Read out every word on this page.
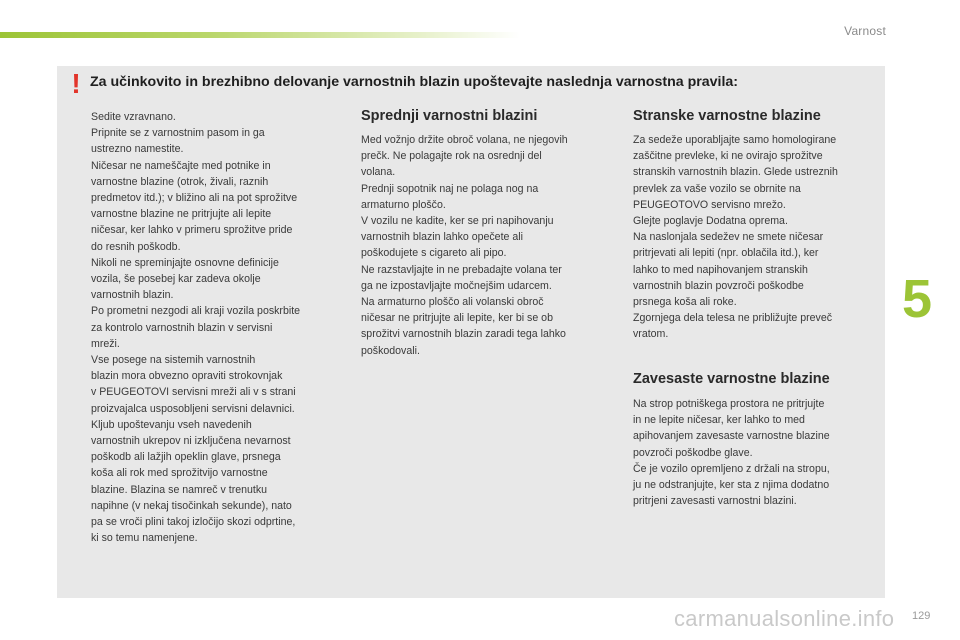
Varnost
! Za učinkovito in brezhibno delovanje varnostnih blazin upoštevajte naslednja varnostna pravila:
Sedite vzravnano.
Pripnite se z varnostnim pasom in ga
ustrezno namestite.
Ničesar ne nameščajte med potnike in
varnostne blazine (otrok, živali, raznih
predmetov itd.); v bližino ali na pot sprožitve
varnostne blazine ne pritrjujte ali lepite
ničesar, ker lahko v primeru sprožitve pride
do resnih poškodb.
Nikoli ne spreminjajte osnovne definicije
vozila, še posebej kar zadeva okolje
varnostnih blazin.
Po prometni nezgodi ali kraji vozila poskrbite
za kontrolo varnostnih blazin v servisni
mreži.
Vse posege na sistemih varnostnih
blazin mora obvezno opraviti strokovnjak
v PEUGEOTOVI servisni mreži ali v s strani
proizvajalca usposobljeni servisni delavnici.
Kljub upoštevanju vseh navedenih
varnostnih ukrepov ni izključena nevarnost
poškodb ali lažjih opeklin glave, prsnega
koša ali rok med sprožitvijo varnostne
blazine. Blazina se namreč v trenutku
napihne (v nekaj tisočinkah sekunde), nato
pa se vroči plini takoj izločijo skozi odprtine,
ki so temu namenjene.
Sprednji varnostni blazini
Med vožnjo držite obroč volana, ne njegovih
prečk. Ne polagajte rok na osrednji del
volana.
Prednji sopotnik naj ne polaga nog na
armaturno ploščo.
V vozilu ne kadite, ker se pri napihovanju
varnostnih blazin lahko opečete ali
poškodujete s cigareto ali pipo.
Ne razstavljajte in ne prebadajte volana ter
ga ne izpostavljajte močnejšim udarcem.
Na armaturno ploščo ali volanski obroč
ničesar ne pritrjujte ali lepite, ker bi se ob
sprožitvi varnostnih blazin zaradi tega lahko
poškodovali.
Stranske varnostne blazine
Za sedeže uporabljajte samo homologirane
zaščitne prevleke, ki ne ovirajo sprožitve
stranskih varnostnih blazin. Glede ustreznih
prevlek za vaše vozilo se obrnite na
PEUGEOTOVO servisno mrežo.
Glejte poglavje Dodatna oprema.
Na naslonjala sedežev ne smete ničesar
pritrjevati ali lepiti (npr. oblačila itd.), ker
lahko to med napihovanjem stranskih
varnostnih blazin povzroči poškodbe
prsnega koša ali roke.
Zgornjega dela telesa ne približujte preveč
vratom.
Zavesaste varnostne blazine
Na strop potniškega prostora ne pritrjujte
in ne lepite ničesar, ker lahko to med
apihovanjem zavesaste varnostne blazine
povzroči poškodbe glave.
Če je vozilo opremljeno z držali na stropu,
ju ne odstranjujte, ker sta z njima dodatno
pritrjeni zavesasti varnostni blazini.
5
carmanualsonline.info 129
